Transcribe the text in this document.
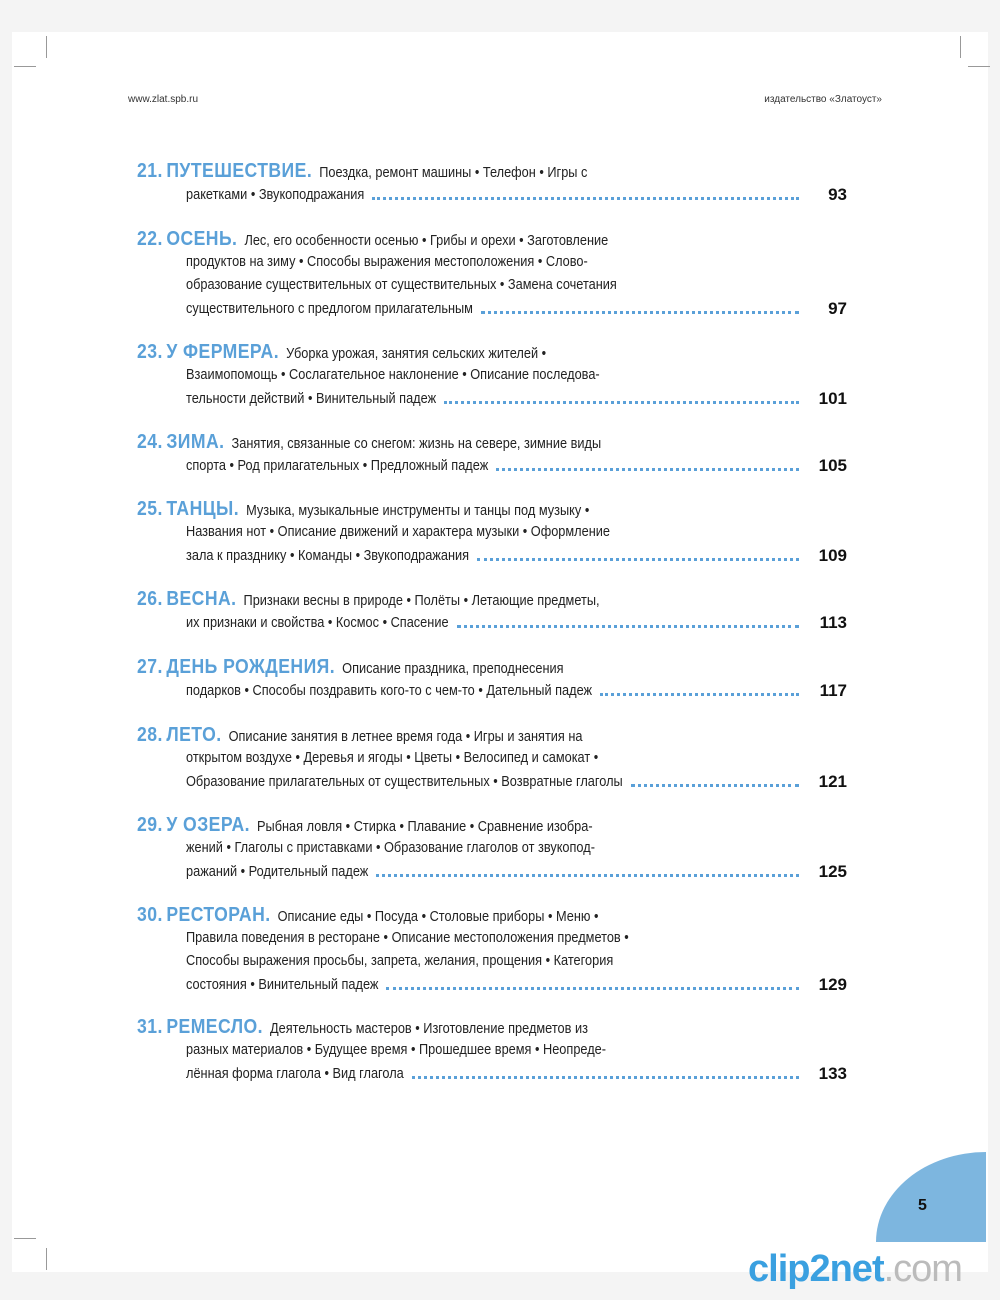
www.zlat.spb.ru	издательство «Златоуст»
21. ПУТЕШЕСТВИЕ. Поездка, ремонт машины • Телефон • Игры с
ракетками • Звукоподражания	93
22. ОСЕНЬ. Лес, его особенности осенью • Грибы и орехи • Заготовление
продуктов на зиму • Способы выражения местоположения • Слово-
образование существительных от существительных • Замена сочетания
существительного с предлогом прилагательным	97
23. У ФЕРМЕРА. Уборка урожая, занятия сельских жителей •
Взаимопомощь • Сослагательное наклонение • Описание последова-
тельности действий • Винительный падеж	101
24. ЗИМА. Занятия, связанные со снегом: жизнь на севере, зимние виды
спорта • Род прилагательных • Предложный падеж	105
25. ТАНЦЫ. Музыка, музыкальные инструменты и танцы под музыку •
Названия нот • Описание движений и характера музыки • Оформление
зала к празднику • Команды • Звукоподражания	109
26. ВЕСНА. Признаки весны в природе • Полёты • Летающие предметы,
их признаки и свойства • Космос • Спасение	113
27. ДЕНЬ РОЖДЕНИЯ. Описание праздника, преподнесения
подарков • Способы поздравить кого-то с чем-то • Дательный падеж	117
28. ЛЕТО. Описание занятия в летнее время года • Игры и занятия на
открытом воздухе • Деревья и ягоды • Цветы • Велосипед и самокат •
Образование прилагательных от существительных • Возвратные глаголы	121
29. У ОЗЕРА. Рыбная ловля • Стирка • Плавание • Сравнение изобра-
жений • Глаголы с приставками • Образование глаголов от звукопод-
ражаний • Родительный падеж	125
30. РЕСТОРАН. Описание еды • Посуда • Столовые приборы • Меню •
Правила поведения в ресторане • Описание местоположения предметов •
Способы выражения просьбы, запрета, желания, прощения • Категория
состояния • Винительный падеж	129
31. РЕМЕСЛО. Деятельность мастеров • Изготовление предметов из
разных материалов • Будущее время • Прошедшее время • Неопреде-
лённая форма глагола • Вид глагола	133
5
clip2net.com
